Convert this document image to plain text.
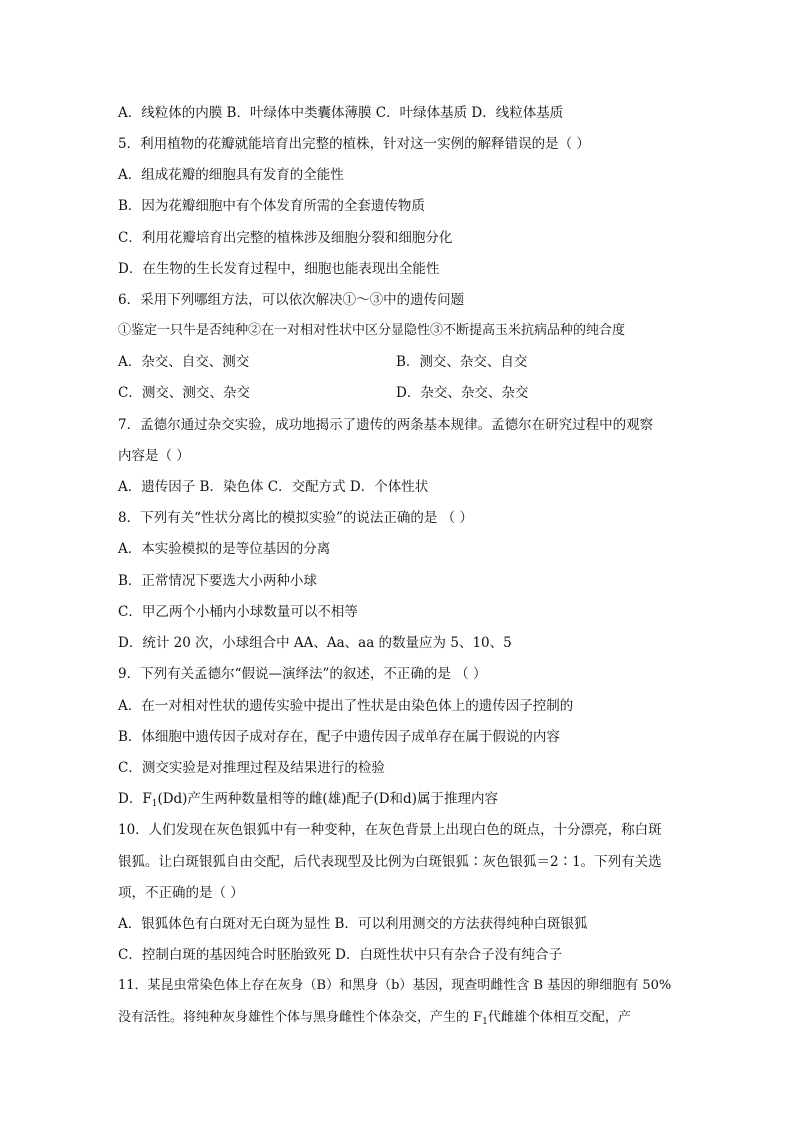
A．线粒体的内膜 B．叶绿体中类囊体薄膜 C．叶绿体基质 D．线粒体基质
5．利用植物的花瓣就能培育出完整的植株，针对这一实例的解释错误的是（ ）
A．组成花瓣的细胞具有发育的全能性
B．因为花瓣细胞中有个体发育所需的全套遗传物质
C．利用花瓣培育出完整的植株涉及细胞分裂和细胞分化
D．在生物的生长发育过程中，细胞也能表现出全能性
6．采用下列哪组方法，可以依次解决①～③中的遗传问题
①鉴定一只牛是否纯种②在一对相对性状中区分显隐性③不断提高玉米抗病品种的纯合度
A．杂交、自交、测交	B．测交、杂交、自交
C．测交、测交、杂交	D．杂交、杂交、杂交
7．孟德尔通过杂交实验，成功地揭示了遗传的两条基本规律。孟德尔在研究过程中的观察
内容是（ ）
A．遗传因子 B．染色体 C．交配方式 D．个体性状
8．下列有关“性状分离比的模拟实验”的说法正确的是 （ ）
A．本实验模拟的是等位基因的分离
B．正常情况下要选大小两种小球
C．甲乙两个小桶内小球数量可以不相等
D．统计 20 次，小球组合中 AA、Aa、aa 的数量应为 5、10、5
9．下列有关孟德尔“假说—演绎法”的叙述，不正确的是 （ ）
A．在一对相对性状的遗传实验中提出了性状是由染色体上的遗传因子控制的
B．体细胞中遗传因子成对存在，配子中遗传因子成单存在属于假说的内容
C．测交实验是对推理过程及结果进行的检验
D．$F_1(Dd)$产生两种数量相等的雌(雄)配子(D和d)属于推理内容
10．人们发现在灰色银狐中有一种变种，在灰色背景上出现白色的斑点，十分漂亮，称白斑
银狐。让白斑银狐自由交配，后代表现型及比例为白斑银狐∶灰色银狐＝2∶1。下列有关选
项，不正确的是（ ）
A．银狐体色有白斑对无白斑为显性 B．可以利用测交的方法获得纯种白斑银狐
C．控制白斑的基因纯合时胚胎致死 D．白斑性状中只有杂合子没有纯合子
11．某昆虫常染色体上存在灰身（B）和黑身（b）基因，现查明雌性含 B 基因的卵细胞有 50%
没有活性。将纯种灰身雄性个体与黑身雌性个体杂交，产生的 $F_1$代雌雄个体相互交配，产
